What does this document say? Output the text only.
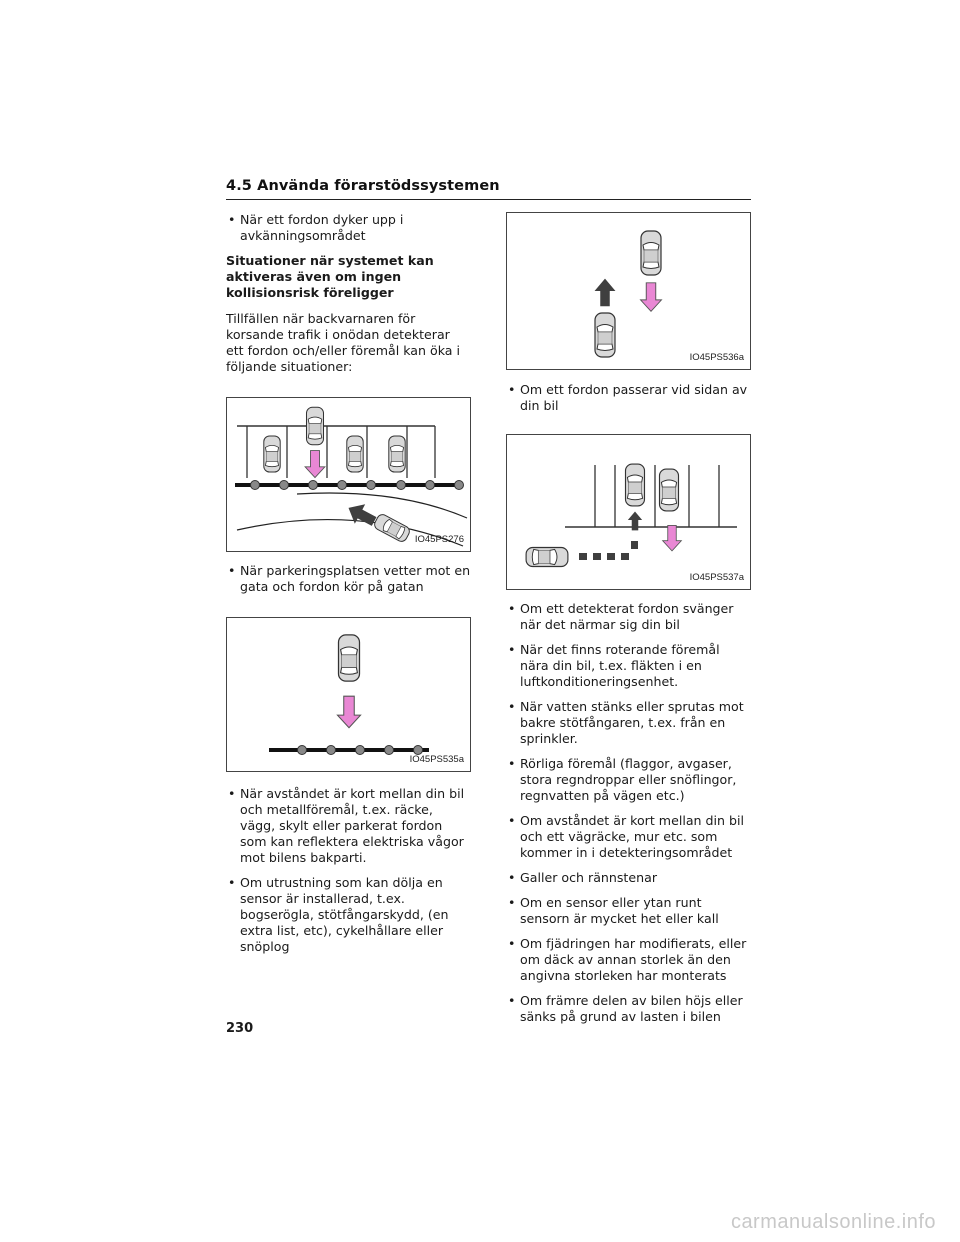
4.5 Använda förarstödssystemen
• När ett fordon dyker upp i avkänningsområdet
Situationer när systemet kan aktiveras även om ingen kollisionsrisk föreligger
Tillfällen när backvarnaren för korsande trafik i onödan detekterar ett fordon och/eller föremål kan öka i följande situationer:
IO45PS276
• När parkeringsplatsen vetter mot en gata och fordon kör på gatan
IO45PS535a
• När avståndet är kort mellan din bil och metallföremål, t.ex. räcke, vägg, skylt eller parkerat fordon som kan reflektera elektriska vågor mot bilens bakparti.
• Om utrustning som kan dölja en sensor är installerad, t.ex. bogserögla, stötfångarskydd, (en extra list, etc), cykelhållare eller snöplog
IO45PS536a
• Om ett fordon passerar vid sidan av din bil
IO45PS537a
• Om ett detekterat fordon svänger när det närmar sig din bil
• När det finns roterande föremål nära din bil, t.ex. fläkten i en luftkonditioneringsenhet.
• När vatten stänks eller sprutas mot bakre stötfångaren, t.ex. från en sprinkler.
• Rörliga föremål (flaggor, avgaser, stora regndroppar eller snöflingor, regnvatten på vägen etc.)
• Om avståndet är kort mellan din bil och ett vägräcke, mur etc. som kommer in i detekteringsområdet
• Galler och rännstenar
• Om en sensor eller ytan runt sensorn är mycket het eller kall
• Om fjädringen har modifierats, eller om däck av annan storlek än den angivna storleken har monterats
• Om främre delen av bilen höjs eller sänks på grund av lasten i bilen
230
carmanualsonline.info
